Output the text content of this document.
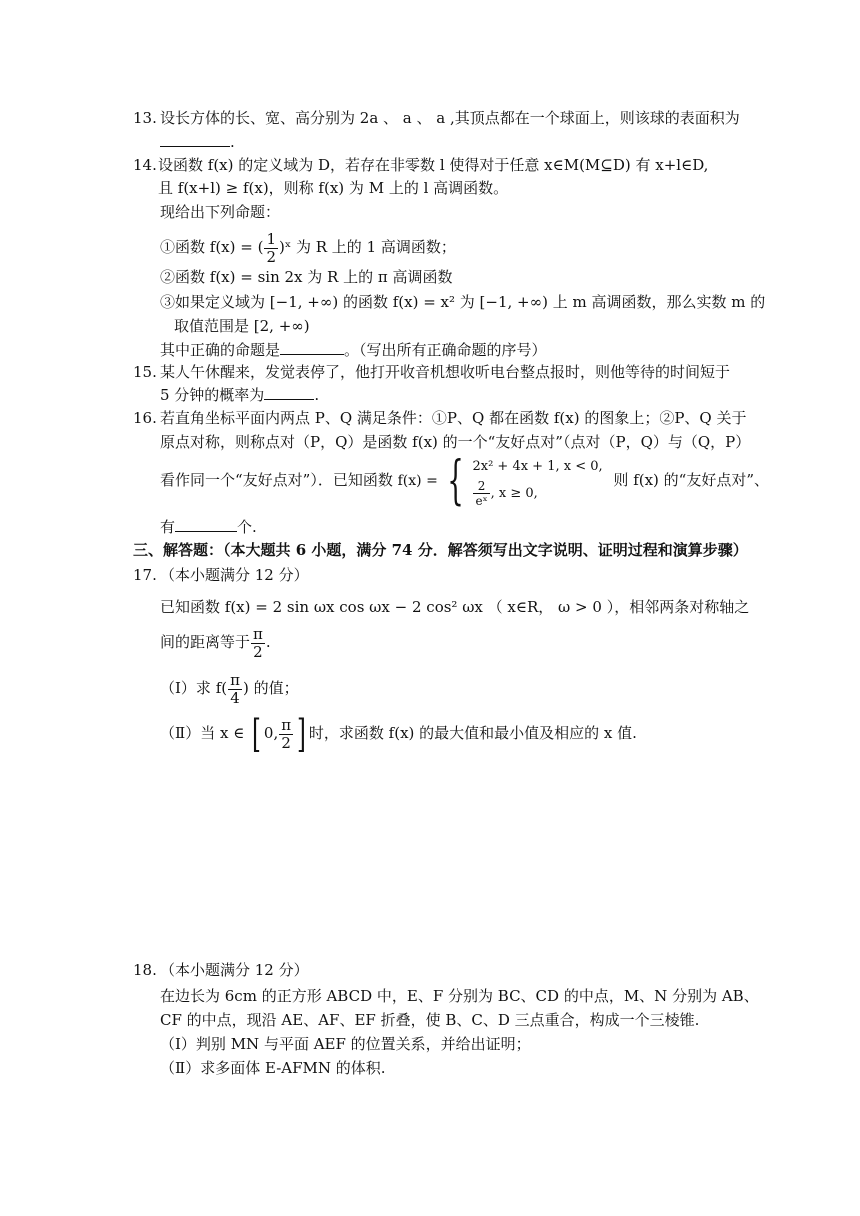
13. 设长方体的长、宽、高分别为 2a 、 a 、 a ,其顶点都在一个球面上，则该球的表面积为
.
14. 设函数 f(x) 的定义域为 D，若存在非零数 l 使得对于任意 x∈M(M⊆D) 有 x+l∈D,
且 f(x+l) ≥ f(x)，则称 f(x) 为 M 上的 l 高调函数。
现给出下列命题：
①函数 f(x) = ( $\frac{1}{2}$ )ˣ 为 R 上的 1 高调函数；
②函数 f(x) = sin 2x 为 R 上的 π 高调函数
③如果定义域为 [−1, +∞) 的函数 f(x) = x² 为 [−1, +∞) 上 m 高调函数，那么实数 m 的
取值范围是 [2, +∞)
其中正确的命题是	。（写出所有正确命题的序号）
15. 某人午休醒来，发觉表停了，他打开收音机想收听电台整点报时，则他等待的时间短于
5 分钟的概率为	.
16. 若直角坐标平面内两点 P、Q 满足条件：①P、Q 都在函数 f(x) 的图象上；②P、Q 关于
原点对称，则称点对（P，Q）是函数 f(x) 的一个“友好点对”（点对（P，Q）与（Q，P）
看作同一个“友好点对”）．已知函数 f(x) = { 2x² + 4x + 1, x < 0,
$\frac{2}{\text{eˣ}}$ , x ≥ 0,
则 f(x) 的“友好点对”、
有	个.
三、解答题：（本大题共 6 小题，满分 74 分．解答须写出文字说明、证明过程和演算步骤）
17. （本小题满分 12 分）
已知函数 f(x) = 2 sin ωx cos ωx − 2 cos² ωx （ x∈R， ω > 0 ），相邻两条对称轴之
间的距离等于 $\frac{\pi}{2}$ .
（Ⅰ）求 $f( \frac{\pi}{4}$ ) 的值；
（Ⅱ）当 x ∈ [ 0, $\frac{\pi}{2}$ ] 时，求函数 f(x) 的最大值和最小值及相应的 x 值.
18. （本小题满分 12 分）
在边长为 6cm 的正方形 ABCD 中，E、F 分别为 BC、CD 的中点，M、N 分别为 AB、
CF 的中点，现沿 AE、AF、EF 折叠，使 B、C、D 三点重合，构成一个三棱锥.
（Ⅰ）判别 MN 与平面 AEF 的位置关系，并给出证明；
（Ⅱ）求多面体 E-AFMN 的体积.
